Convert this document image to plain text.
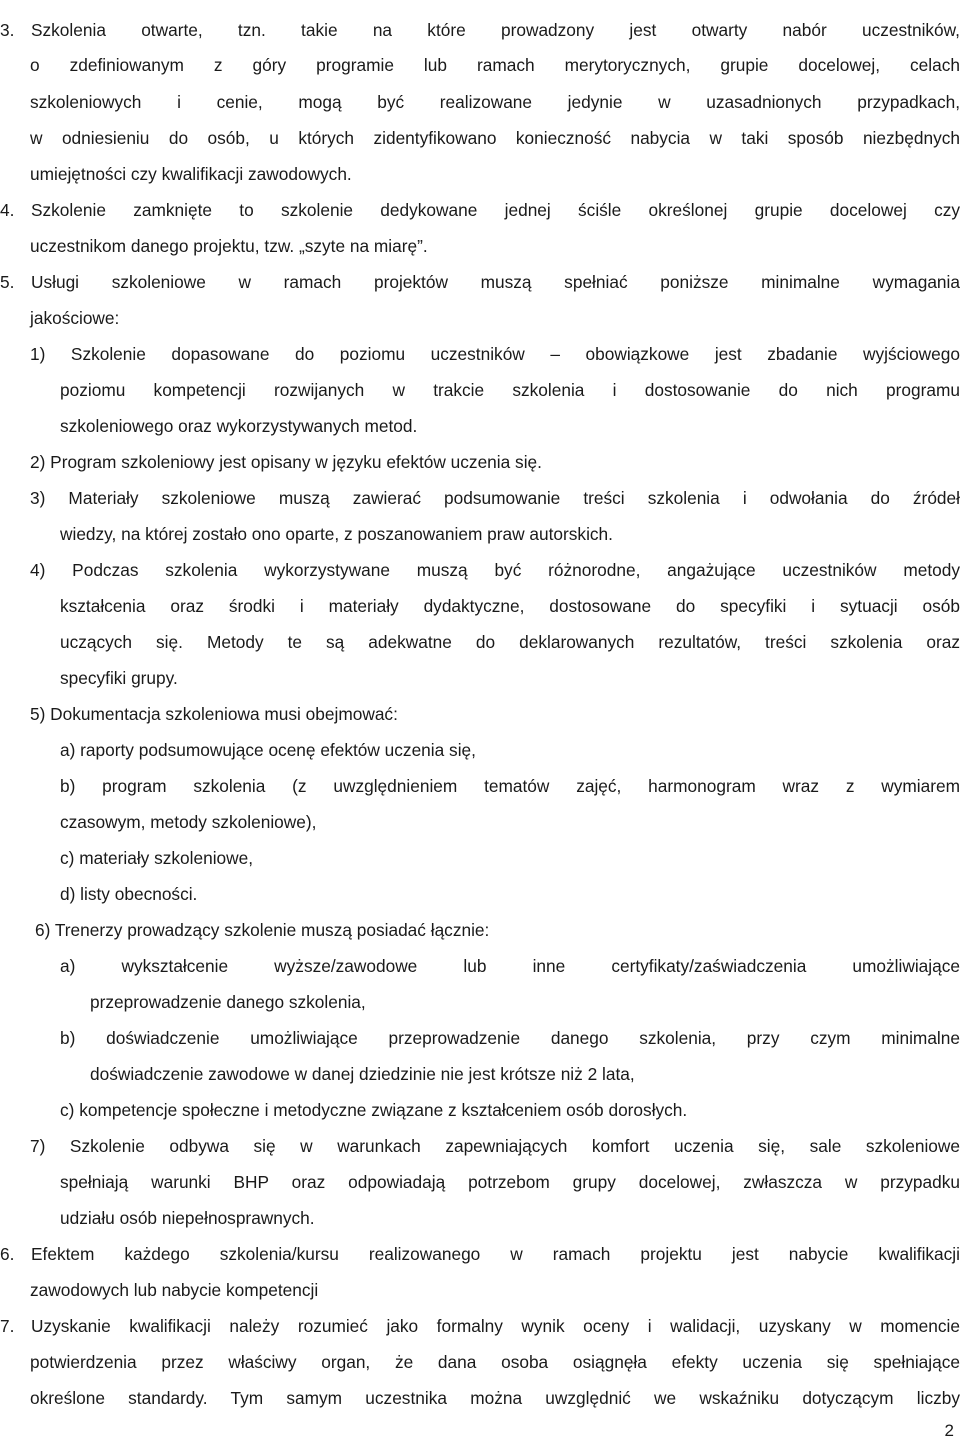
3. Szkolenia otwarte, tzn. takie na które prowadzony jest otwarty nabór uczestników,
o zdefiniowanym z góry programie lub ramach merytorycznych, grupie docelowej, celach
szkoleniowych i cenie, mogą być realizowane jedynie w uzasadnionych przypadkach,
w odniesieniu do osób, u których zidentyfikowano konieczność nabycia w taki sposób niezbędnych
umiejętności czy kwalifikacji zawodowych.
4. Szkolenie zamknięte to szkolenie dedykowane jednej ściśle określonej grupie docelowej czy
uczestnikom danego projektu, tzw. „szyte na miarę”.
5. Usługi szkoleniowe w ramach projektów muszą spełniać poniższe minimalne wymagania
jakościowe:
1) Szkolenie dopasowane do poziomu uczestników – obowiązkowe jest zbadanie wyjściowego
poziomu kompetencji rozwijanych w trakcie szkolenia i dostosowanie do nich programu
szkoleniowego oraz wykorzystywanych metod.
2) Program szkoleniowy jest opisany w języku efektów uczenia się.
3) Materiały szkoleniowe muszą zawierać podsumowanie treści szkolenia i odwołania do źródeł
wiedzy, na której zostało ono oparte, z poszanowaniem praw autorskich.
4) Podczas szkolenia wykorzystywane muszą być różnorodne, angażujące uczestników metody
kształcenia oraz środki i materiały dydaktyczne, dostosowane do specyfiki i sytuacji osób
uczących się. Metody te są adekwatne do deklarowanych rezultatów, treści szkolenia oraz
specyfiki grupy.
5) Dokumentacja szkoleniowa musi obejmować:
a) raporty podsumowujące ocenę efektów uczenia się,
b) program szkolenia (z uwzględnieniem tematów zajęć, harmonogram wraz z wymiarem
czasowym, metody szkoleniowe),
c) materiały szkoleniowe,
d) listy obecności.
6) Trenerzy prowadzący szkolenie muszą posiadać łącznie:
a) wykształcenie wyższe/zawodowe lub inne certyfikaty/zaświadczenia umożliwiające
przeprowadzenie danego szkolenia,
b) doświadczenie umożliwiające przeprowadzenie danego szkolenia, przy czym minimalne
doświadczenie zawodowe w danej dziedzinie nie jest krótsze niż 2 lata,
c) kompetencje społeczne i metodyczne związane z kształceniem osób dorosłych.
7) Szkolenie odbywa się w warunkach zapewniających komfort uczenia się, sale szkoleniowe
spełniają warunki BHP oraz odpowiadają potrzebom grupy docelowej, zwłaszcza w przypadku
udziału osób niepełnosprawnych.
6. Efektem każdego szkolenia/kursu realizowanego w ramach projektu jest nabycie kwalifikacji
zawodowych lub nabycie kompetencji
7. Uzyskanie kwalifikacji należy rozumieć jako formalny wynik oceny i walidacji, uzyskany w momencie
potwierdzenia przez właściwy organ, że dana osoba osiągnęła efekty uczenia się spełniające
określone standardy. Tym samym uczestnika można uwzględnić we wskaźniku dotyczącym liczby
2
